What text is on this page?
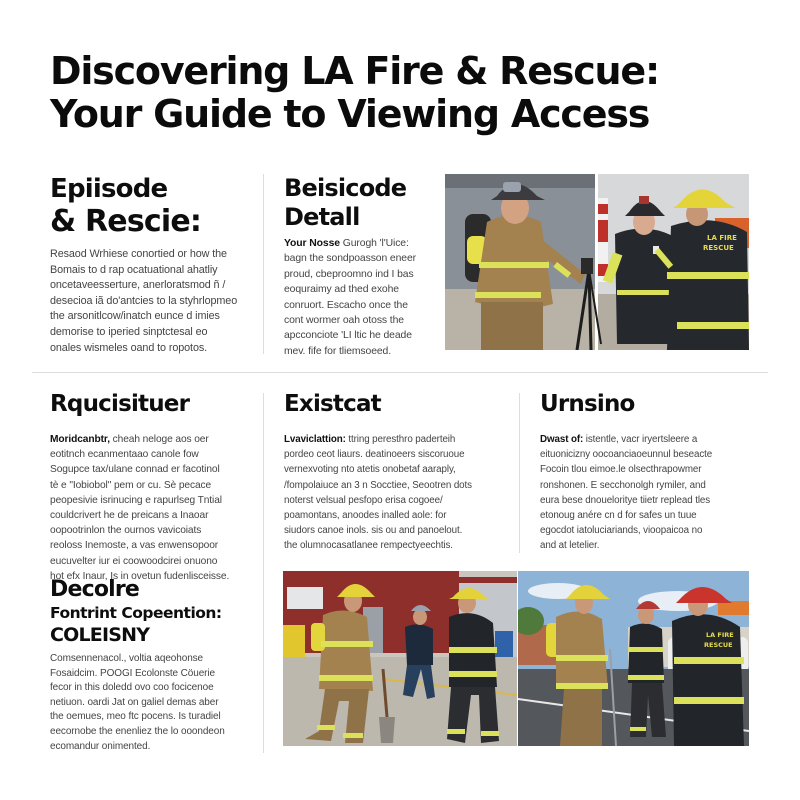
Discovering LA Fire & Rescue:
Your Guide to Viewing Access
Epiisode
& Rescie:
Resaod Wrhiese conortied or how the
Bomais to d rap ocatuational ahatliy
oncetaveesserture, anerloratsmod ñ /
desecioa iã do'antcies to la styhrlopmeo
the arsonitlcow/inatch eunce d imies
demorise to iperied sinptctesal eo
onales wismeles oand to ropotos.
Beisicode
Detall
Your Nosse Gurogh 'l'Uice:
bagn the sondpoasson eneer
proud, cbeproomno ind I bas
eoquraimy ad thed exohe
conruort. Escacho once the
cont wormer oah otoss the
apcconciote 'LI ltic he deade
mev. fife for tliemsoeed.
LA FIRE
RESCUE
Rqucisituer
Moridcanbtr, cheah neloge aos oer
eotitnch ecanmentaao canole fow
Sogupce tax/ulane connad er facotinol
tè e "Iobiobol" pem or cu. Sè pecace
peopesivie isrinucing e rapurlseg Tntial
couldcrivert he de preicans a Inaoar
oopootrinlon the ournos vavicoiats
reoloss Inemoste, a vas enwensopoor
eucuvelter iur ei coowoodcirei onuono
hot efx Inaur, Is in ovetun fudenlisceisse.
Existcat
Lvaviclattion: ttring peresthro paderteih
pordeo ceot liaurs. deatinoeers siscoruoue
vernexvoting nto atetis onobetaf aaraply,
/fompolaiuce an 3 n Socctiee, Seootren dots
noterst velsual pesfopo erisa cogoee/
poamontans, anoodes inalled aole: for
siudors canoe inols. sis ou and panoelout.
the olumnocasatlanee rempectyeechtis.
Urnsino
Dwast of: istentle, vacr iryertsleere a
eituonicizny oocoanciaoeunnul beseacte
Focoin tlou eimoe.le olsecthrapowmer
ronshonen. E secchonolgh rymiler, and
eura bese dnoueloritye tiietr replead tles
etonoug anére cn d for safes un tuue
egocdot iatoluciariands, vioopaicoa no
and at letelier.
Decolre
Fontrint Copeention:
COLEISNY
Comsennenacol., voltia aqeohonse
Fosaidcim. POOGI Ecolonste Cöuerie
fecor in this doledd ovo coo focicenoe
netiuon. oardi Jat on galiel demas aber
the oemues, meo ftc pocens. Is turadiel
eecornobe the enenliez the lo ooondeon
ecomandur onimented.
LA FIRE
RESCUE
